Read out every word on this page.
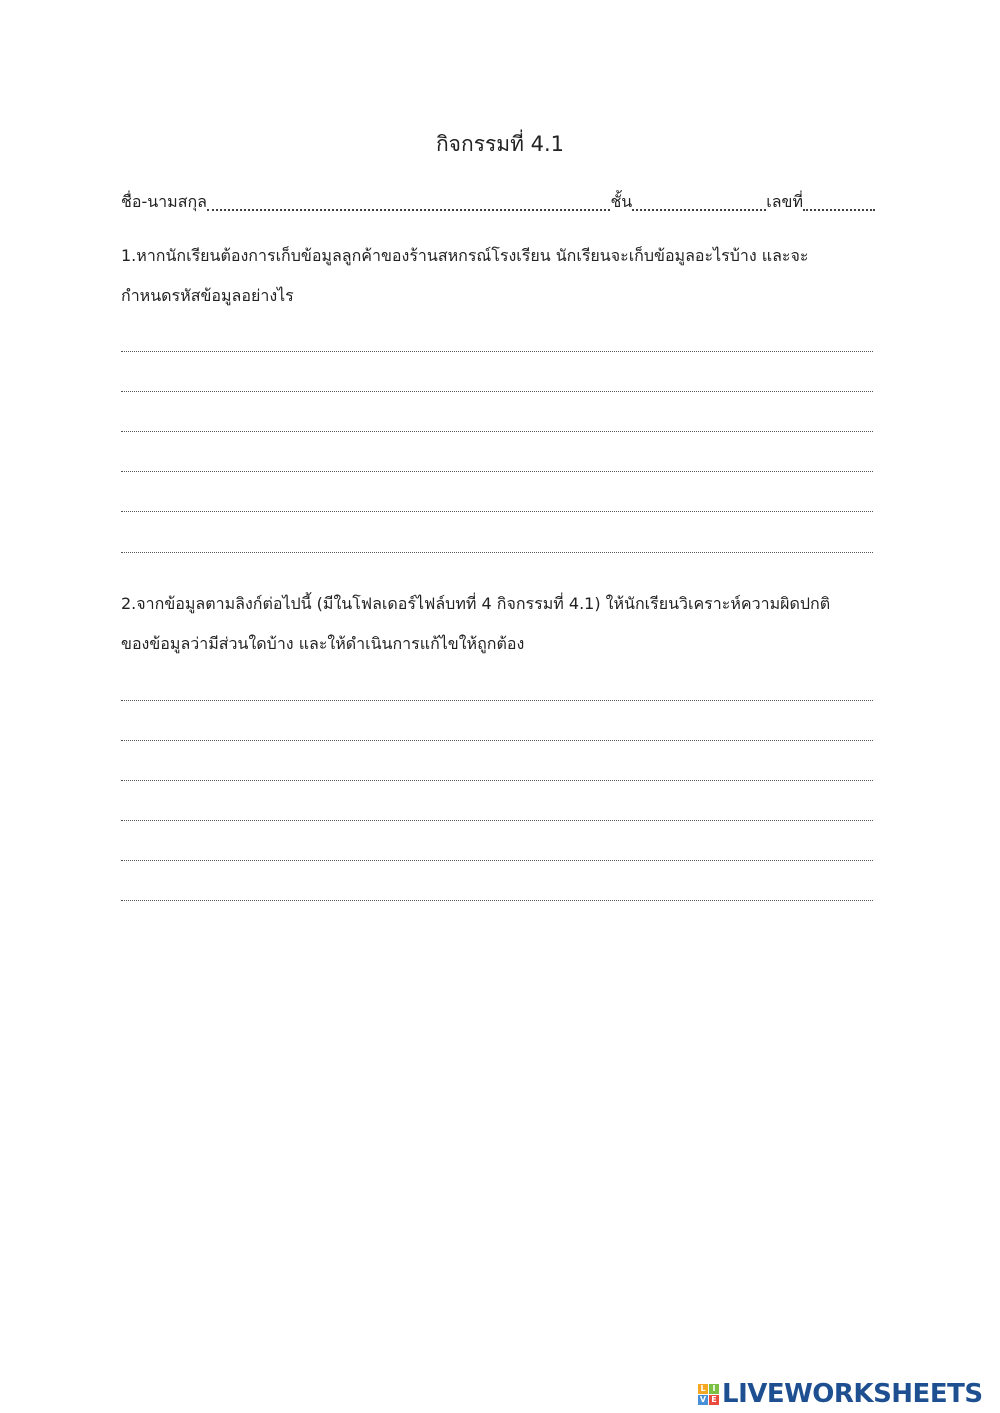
กิจกรรมที่ 4.1
ชื่อ-นามสกุล	ชั้น	เลขที่
1.หากนักเรียนต้องการเก็บข้อมูลลูกค้าของร้านสหกรณ์โรงเรียน นักเรียนจะเก็บข้อมูลอะไรบ้าง และจะ
กำหนดรหัสข้อมูลอย่างไร
2.จากข้อมูลตามลิงก์ต่อไปนี้ (มีในโฟลเดอร์ไฟล์บทที่ 4 กิจกรรมที่ 4.1) ให้นักเรียนวิเคราะห์ความผิดปกติ
ของข้อมูลว่ามีส่วนใดบ้าง และให้ดำเนินการแก้ไขให้ถูกต้อง
L I
V E LIVEWORKSHEETS
